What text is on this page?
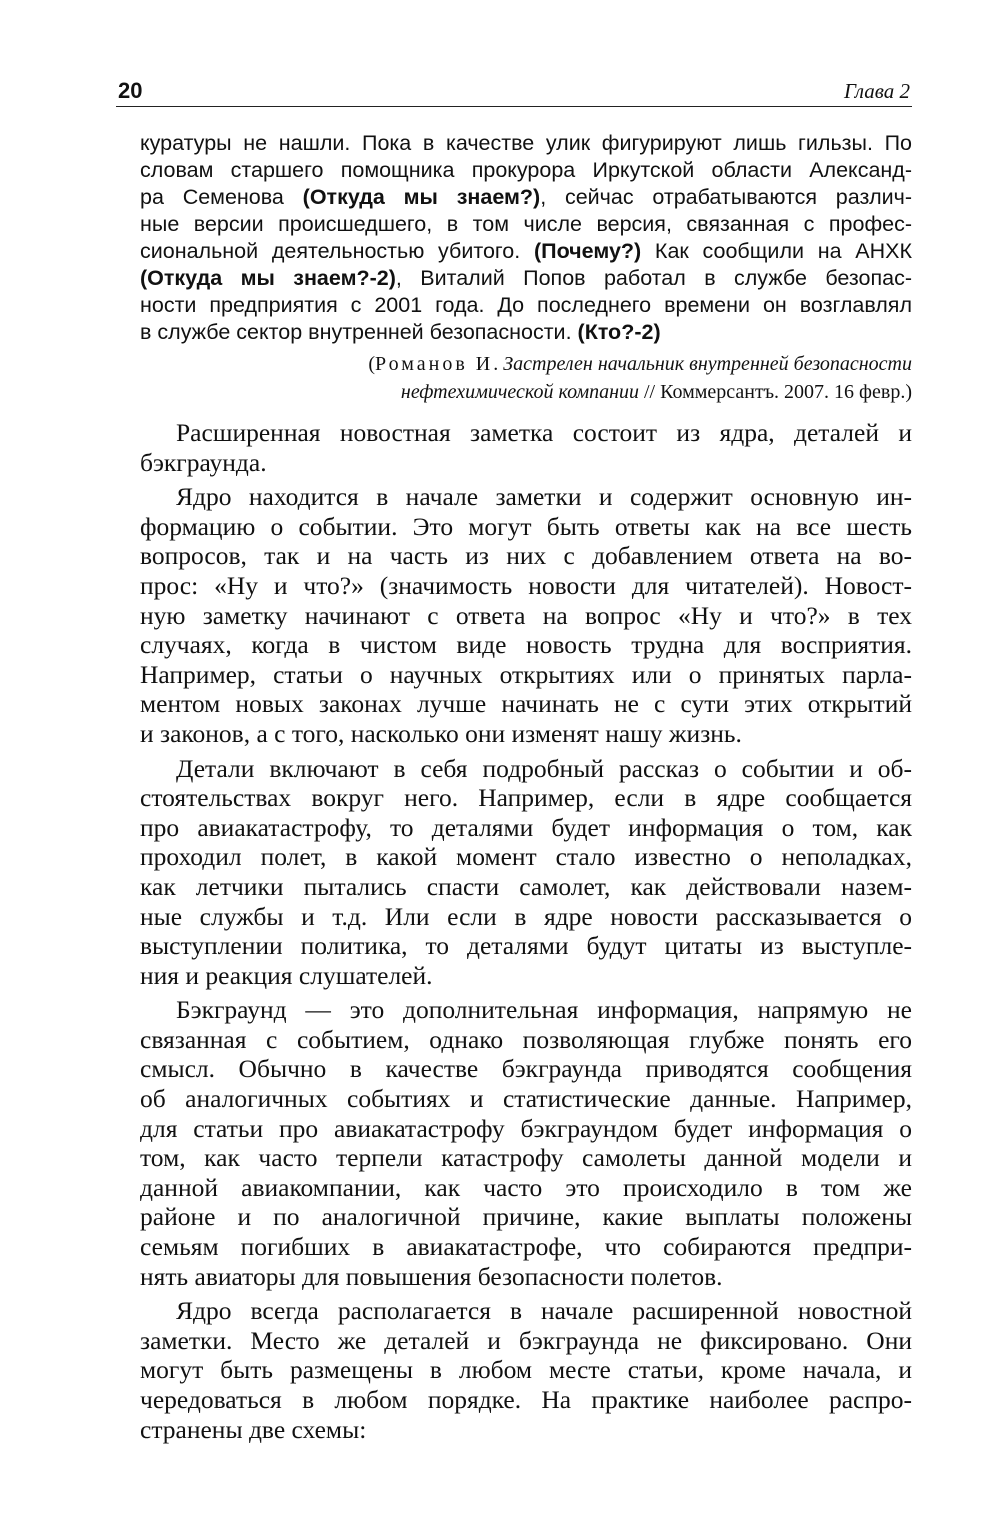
20	Глава 2
куратуры не нашли. Пока в качестве улик фигурируют лишь гильзы. По
словам старшего помощника прокурора Иркутской области Александ-
ра Семенова (Откуда мы знаем?), сейчас отрабатываются различ-
ные версии происшедшего, в том числе версия, связанная с профес-
сиональной деятельностью убитого. (Почему?) Как сообщили на АНХК
(Откуда мы знаем?-2), Виталий Попов работал в службе безопас-
ности предприятия с 2001 года. До последнего времени он возглавлял
в службе сектор внутренней безопасности. (Кто?-2)
(Романов И. Застрелен начальник внутренней безопасности
нефтехимической компании // Коммерсантъ. 2007. 16 февр.)
Расширенная новостная заметка состоит из ядра, деталей и
бэкграунда.
Ядро находится в начале заметки и содержит основную ин-
формацию о событии. Это могут быть ответы как на все шесть
вопросов, так и на часть из них с добавлением ответа на во-
прос: «Ну и что?» (значимость новости для читателей). Новост-
ную заметку начинают с ответа на вопрос «Ну и что?» в тех
случаях, когда в чистом виде новость трудна для восприятия.
Например, статьи о научных открытиях или о принятых парла-
ментом новых законах лучше начинать не с сути этих открытий
и законов, а с того, насколько они изменят нашу жизнь.
Детали включают в себя подробный рассказ о событии и об-
стоятельствах вокруг него. Например, если в ядре сообщается
про авиакатастрофу, то деталями будет информация о том, как
проходил полет, в какой момент стало известно о неполадках,
как летчики пытались спасти самолет, как действовали назем-
ные службы и т.д. Или если в ядре новости рассказывается о
выступлении политика, то деталями будут цитаты из выступле-
ния и реакция слушателей.
Бэкграунд — это дополнительная информация, напрямую не
связанная с событием, однако позволяющая глубже понять его
смысл. Обычно в качестве бэкграунда приводятся сообщения
об аналогичных событиях и статистические данные. Например,
для статьи про авиакатастрофу бэкграундом будет информация о
том, как часто терпели катастрофу самолеты данной модели и
данной авиакомпании, как часто это происходило в том же
районе и по аналогичной причине, какие выплаты положены
семьям погибших в авиакатастрофе, что собираются предпри-
нять авиаторы для повышения безопасности полетов.
Ядро всегда располагается в начале расширенной новостной
заметки. Место же деталей и бэкграунда не фиксировано. Они
могут быть размещены в любом месте статьи, кроме начала, и
чередоваться в любом порядке. На практике наиболее распро-
странены две схемы:
